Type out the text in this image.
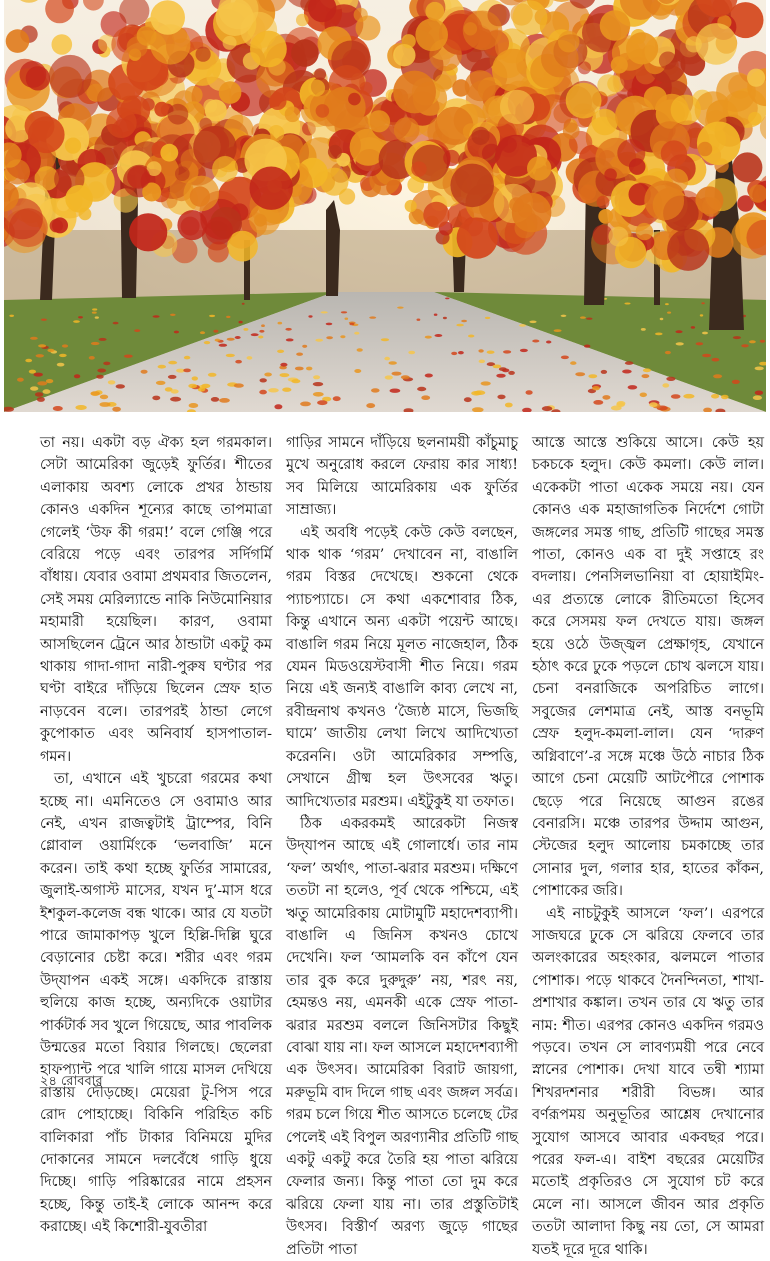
তা নয়। একটা বড় ঐক্য হল গরমকাল। সেটা আমেরিকা জুড়েই ফুর্তির। শীতের এলাকায় অবশ্য লোকে প্রখর ঠান্ডায় কোনও একদিন শূন্যের কাছে তাপমাত্রা গেলেই ‘উফ কী গরম!’ বলে গেঞ্জি পরে বেরিয়ে পড়ে এবং তারপর সর্দিগর্মি বাঁধায়। যেবার ওবামা প্রথমবার জিতলেন, সেই সময় মেরিল্যান্ডে নাকি নিউমোনিয়ার মহামারী হয়েছিল। কারণ, ওবামা আসছিলেন ট্রেনে আর ঠান্ডাটা একটু কম থাকায় গাদা-গাদা নারী-পুরুষ ঘণ্টার পর ঘণ্টা বাইরে দাঁড়িয়ে ছিলেন স্রেফ হাত নাড়বেন বলে। তারপরই ঠান্ডা লেগে কুপোকাত এবং অনিবার্য হাসপাতাল-গমন।

তা, এখানে এই খুচরো গরমের কথা হচ্ছে না। এমনিতেও সে ওবামাও আর নেই, এখন রাজত্বটাই ট্রাম্পের, বিনি গ্লোবাল ওয়ার্মিংকে ‘ভলবাজি’ মনে করেন। তাই কথা হচ্ছে ফুর্তির সামারের, জুলাই-অগাস্ট মাসের, যখন দু’-মাস ধরে ইশকুল-কলেজ বন্ধ থাকে। আর যে যতটা পারে জামাকাপড় খুলে হিল্লি-দিল্লি ঘুরে বেড়ানোর চেষ্টা করে। শরীর এবং গরম উদ্‌যাপন একই সঙ্গে। একদিকে রাস্তায় হুলিয়ে কাজ হচ্ছে, অন্যদিকে ওয়াটার পার্কটার্ক সব খুলে গিয়েছে, আর পাবলিক উন্মত্তের মতো বিয়ার গিলছে। ছেলেরা হাফপ্যান্ট পরে খালি গায়ে মাসল দেখিয়ে রাস্তায় দৌড়চ্ছে। মেয়েরা টু-পিস পরে রোদ পোহাচ্ছে। বিকিনি পরিহিত কচি বালিকারা পাঁচ টাকার বিনিময়ে মুদির দোকানের সামনে দলবেঁধে গাড়ি ধুয়ে দিচ্ছে। গাড়ি পরিষ্কারের নামে প্রহসন হচ্ছে, কিন্তু তাই-ই লোকে আনন্দ করে করাচ্ছে। এই কিশোরী-যুবতীরা

গাড়ির সামনে দাঁড়িয়ে ছলনাময়ী কাঁচুমাচু মুখে অনুরোধ করলে ফেরায় কার সাধ্য! সব মিলিয়ে আমেরিকায় এক ফুর্তির সাম্রাজ্য।

এই অবধি পড়েই কেউ কেউ বলছেন, থাক থাক ‘গরম’ দেখাবেন না, বাঙালি গরম বিস্তর দেখেছে। শুকনো থেকে প্যাচপ্যাচে। সে কথা একশোবার ঠিক, কিন্তু এখানে অন্য একটা পয়েন্ট আছে। বাঙালি গরম নিয়ে মূলত নাজেহাল, ঠিক যেমন মিডওয়েস্টবাসী শীত নিয়ে। গরম নিয়ে এই জন্যই বাঙালি কাব্য লেখে না, রবীন্দ্রনাথ কখনও ‘জ্যৈষ্ঠ মাসে, ভিজছি ঘামে’ জাতীয় লেখা লিখে আদিখ্যেতা করেননি। ওটা আমেরিকার সম্পত্তি, সেখানে গ্রীষ্ম হল উৎসবের ঋতু। আদিখ্যেতার মরশুম। এইটুকুই যা তফাত।

ঠিক একরকমই আরেকটা নিজস্ব উদ্‌যাপন আছে এই গোলার্ধে। তার নাম ‘ফল’ অর্থাৎ, পাতা-ঝরার মরশুম। দক্ষিণে ততটা না হলেও, পূর্ব থেকে পশ্চিমে, এই ঋতু আমেরিকায় মোটামুটি মহাদেশব্যাপী। বাঙালি এ জিনিস কখনও চোখে দেখেনি। ফল ‘আমলকি বন কাঁপে যেন তার বুক করে দুরুদুরু’ নয়, শরৎ নয়, হেমন্তও নয়, এমনকী একে স্রেফ পাতা-ঝরার মরশুম বললে জিনিসটার কিছুই বোঝা যায় না। ফল আসলে মহাদেশব্যাপী এক উৎসব। আমেরিকা বিরাট জায়গা, মরুভূমি বাদ দিলে গাছ এবং জঙ্গল সর্বত্র। গরম চলে গিয়ে শীত আসতে চলেছে টের পেলেই এই বিপুল অরণ্যানীর প্রতিটি গাছ একটু একটু করে তৈরি হয় পাতা ঝরিয়ে ফেলার জন্য। কিন্তু পাতা তো দুম করে ঝরিয়ে ফেলা যায় না। তার প্রস্তুতিটাই উৎসব। বিস্তীর্ণ অরণ্য জুড়ে গাছের প্রতিটা পাতা

আস্তে আস্তে শুকিয়ে আসে। কেউ হয় চকচকে হলুদ। কেউ কমলা। কেউ লাল। একেকটা পাতা একেক সময়ে নয়। যেন কোনও এক মহাজাগতিক নির্দেশে গোটা জঙ্গলের সমস্ত গাছ, প্রতিটি গাছের সমস্ত পাতা, কোনও এক বা দুই সপ্তাহে রং বদলায়। পেনসিলভানিয়া বা হোয়াইমিং-এর প্রত্যন্তে লোকে রীতিমতো হিসেব করে সেসময় ফল দেখতে যায়। জঙ্গল হয়ে ওঠে উজ্জ্বল প্রেক্ষাগৃহ, যেখানে হঠাৎ করে ঢুকে পড়লে চোখ ঝলসে যায়। চেনা বনরাজিকে অপরিচিত লাগে। সবুজের লেশমাত্র নেই, আস্ত বনভূমি স্রেফ হলুদ-কমলা-লাল। যেন ‘দারুণ অগ্নিবাণে’-র সঙ্গে মঞ্চে উঠে নাচার ঠিক আগে চেনা মেয়েটি আটপৌরে পোশাক ছেড়ে পরে নিয়েছে আগুন রঙের বেনারসি। মঞ্চে তারপর উদ্দাম আগুন, স্টেজের হলুদ আলোয় চমকাচ্ছে তার সোনার দুল, গলার হার, হাতের কাঁকন, পোশাকের জরি।

এই নাচটুকুই আসলে ‘ফল’। এরপরে সাজঘরে ঢুকে সে ঝরিয়ে ফেলবে তার অলংকারের অহংকার, ঝলমলে পাতার পোশাক। পড়ে থাকবে দৈনন্দিনতা, শাখা-প্রশাখার কঙ্কাল। তখন তার যে ঋতু তার নাম: শীত। এরপর কোনও একদিন গরমও পড়বে। তখন সে লাবণ্যময়ী পরে নেবে স্নানের পোশাক। দেখা যাবে তন্বী শ্যামা শিখরদশনার শরীরী বিভঙ্গ। আর বর্ণরূপময় অনুভূতির আশ্লেষ দেখানোর সুযোগ আসবে আবার একবছর পরে। পরের ফল-এ। বাইশ বছরের মেয়েটির মতোই প্রকৃতিরও সে সুযোগ চট করে মেলে না। আসলে জীবন আর প্রকৃতি ততটা আলাদা কিছু নয় তো, সে আমরা যতই দূরে দূরে থাকি।

২৪ রোববার
